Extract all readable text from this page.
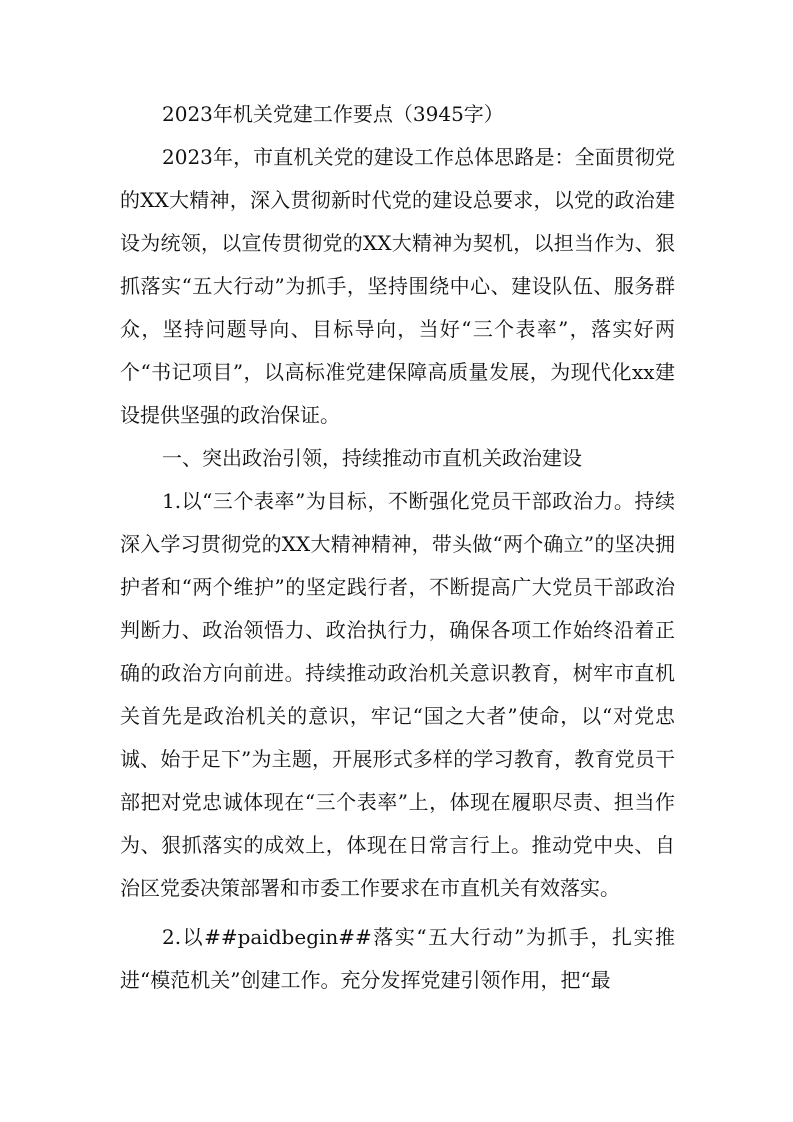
2023年机关党建工作要点（3945字）

2023年，市直机关党的建设工作总体思路是：全面贯彻党的XX大精神，深入贯彻新时代党的建设总要求，以党的政治建设为统领，以宣传贯彻党的XX大精神为契机，以担当作为、狠抓落实“五大行动”为抓手，坚持围绕中心、建设队伍、服务群众，坚持问题导向、目标导向，当好“三个表率”，落实好两个“书记项目”，以高标准党建保障高质量发展，为现代化xx建设提供坚强的政治保证。

一、突出政治引领，持续推动市直机关政治建设

1.以“三个表率”为目标，不断强化党员干部政治力。持续深入学习贯彻党的XX大精神精神，带头做“两个确立”的坚决拥护者和“两个维护”的坚定践行者，不断提高广大党员干部政治判断力、政治领悟力、政治执行力，确保各项工作始终沿着正确的政治方向前进。持续推动政治机关意识教育，树牢市直机关首先是政治机关的意识，牢记“国之大者”使命，以“对党忠诚、始于足下”为主题，开展形式多样的学习教育，教育党员干部把对党忠诚体现在“三个表率”上，体现在履职尽责、担当作为、狠抓落实的成效上，体现在日常言行上。推动党中央、自治区党委决策部署和市委工作要求在市直机关有效落实。

2.以##paidbegin##落实“五大行动”为抓手，扎实推进“模范机关”创建工作。充分发挥党建引领作用，把“最
